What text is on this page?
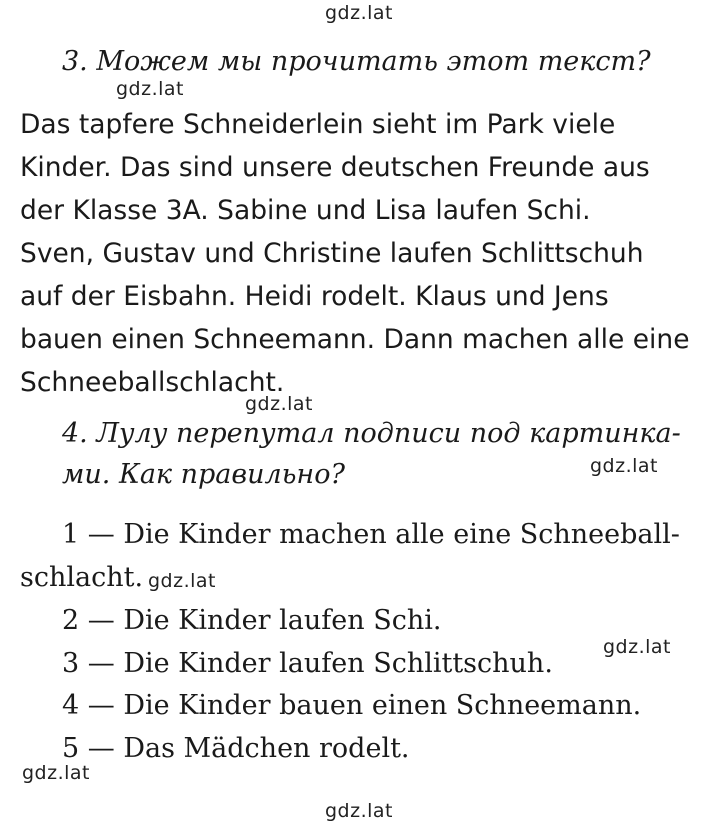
gdz.lat
3. Можем мы прочитать этот текст?
gdz.lat
Das tapfere Schneiderlein sieht im Park viele
Kinder. Das sind unsere deutschen Freunde aus
der Klasse 3A. Sabine und Lisa laufen Schi.
Sven, Gustav und Christine laufen Schlittschuh
auf der Eisbahn. Heidi rodelt. Klaus und Jens
bauen einen Schneemann. Dann machen alle eine
Schneeballschlacht.
gdz.lat
4. Лулу перепутал подписи под картинка-
gdz.lat
ми. Как правильно?

1 — Die Kinder machen alle eine Schneeball-

schlacht. gdz.lat

2 — Die Kinder laufen Schi.

gdz.lat

3 — Die Kinder laufen Schlittschuh.

4 — Die Kinder bauen einen Schneemann.

5 — Das Mädchen rodelt.

gdz.lat
gdz.lat
